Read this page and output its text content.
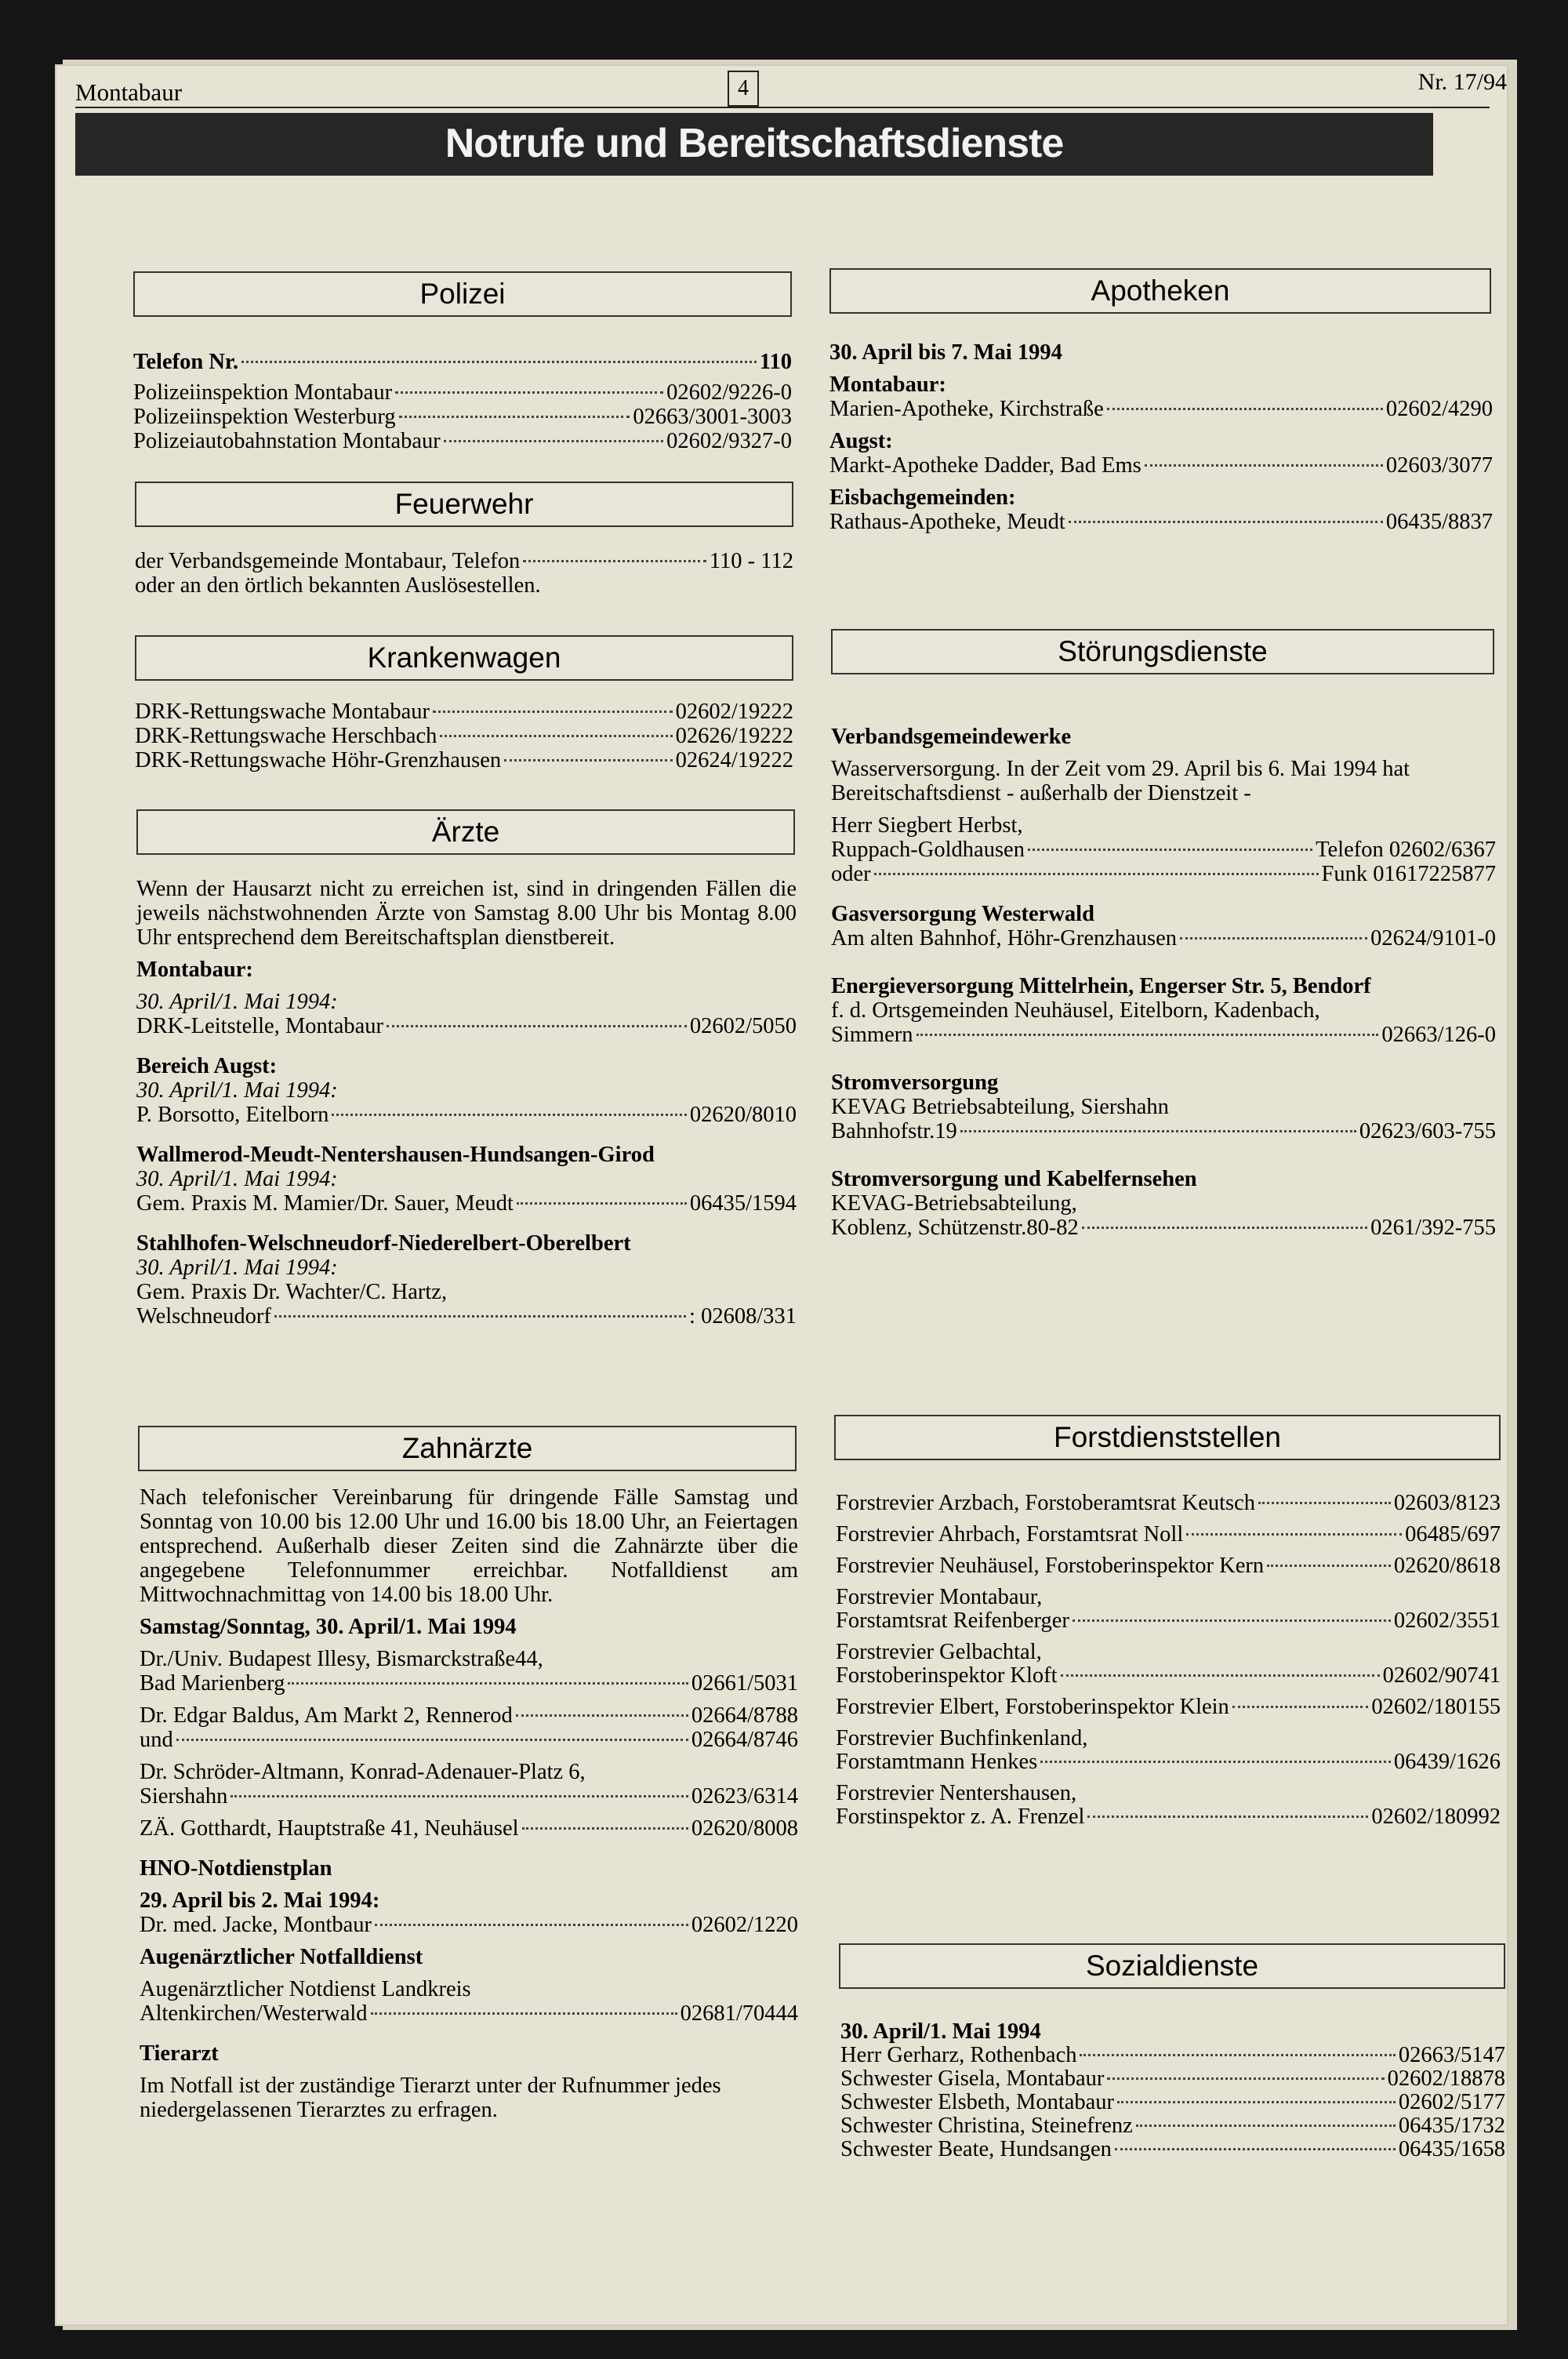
Montabaur	4	Nr. 17/94
Notrufe und Bereitschaftsdienste
Polizei
Telefon Nr.	110
Polizeiinspektion Montabaur	02602/9226-0
Polizeiinspektion Westerburg	02663/3001-3003
Polizeiautobahnstation Montabaur	02602/9327-0
Feuerwehr
der Verbandsgemeinde Montabaur, Telefon	110 - 112
oder an den örtlich bekannten Auslösestellen.
Krankenwagen
DRK-Rettungswache Montabaur	02602/19222
DRK-Rettungswache Herschbach	02626/19222
DRK-Rettungswache Höhr-Grenzhausen	02624/19222
Ärzte
Wenn der Hausarzt nicht zu erreichen ist, sind in dringenden Fällen die jeweils nächstwohnenden Ärzte von Samstag 8.00 Uhr bis Montag 8.00 Uhr entsprechend dem Bereitschaftsplan dienstbereit.
Montabaur:
30. April/1. Mai 1994:
DRK-Leitstelle, Montabaur	02602/5050
Bereich Augst:
30. April/1. Mai 1994:
P. Borsotto, Eitelborn	02620/8010
Wallmerod-Meudt-Nentershausen-Hundsangen-Girod
30. April/1. Mai 1994:
Gem. Praxis M. Mamier/Dr. Sauer, Meudt	06435/1594
Stahlhofen-Welschneudorf-Niederelbert-Oberelbert
30. April/1. Mai 1994:
Gem. Praxis Dr. Wachter/C. Hartz,
Welschneudorf	: 02608/331
Zahnärzte
Nach telefonischer Vereinbarung für dringende Fälle Samstag und Sonntag von 10.00 bis 12.00 Uhr und 16.00 bis 18.00 Uhr, an Feiertagen entsprechend. Außerhalb dieser Zeiten sind die Zahnärzte über die angegebene Telefonnummer erreichbar. Notfalldienst am Mittwochnachmittag von 14.00 bis 18.00 Uhr.
Samstag/Sonntag, 30. April/1. Mai 1994
Dr./Univ. Budapest Illesy, Bismarckstraße44,
Bad Marienberg	02661/5031
Dr. Edgar Baldus, Am Markt 2, Rennerod	02664/8788
und	02664/8746
Dr. Schröder-Altmann, Konrad-Adenauer-Platz 6,
Siershahn	02623/6314
ZÄ. Gotthardt, Hauptstraße 41, Neuhäusel	02620/8008
HNO-Notdienstplan
29. April bis 2. Mai 1994:
Dr. med. Jacke, Montbaur	02602/1220
Augenärztlicher Notfalldienst
Augenärztlicher Notdienst Landkreis
Altenkirchen/Westerwald	02681/70444
Tierarzt
Im Notfall ist der zuständige Tierarzt unter der Rufnummer jedes niedergelassenen Tierarztes zu erfragen.
Apotheken
30. April bis 7. Mai 1994
Montabaur:
Marien-Apotheke, Kirchstraße	02602/4290
Augst:
Markt-Apotheke Dadder, Bad Ems	02603/3077
Eisbachgemeinden:
Rathaus-Apotheke, Meudt	06435/8837
Störungsdienste
Verbandsgemeindewerke
Wasserversorgung. In der Zeit vom 29. April bis 6. Mai 1994 hat Bereitschaftsdienst - außerhalb der Dienstzeit -
Herr Siegbert Herbst,
Ruppach-Goldhausen	Telefon 02602/6367
oder	Funk 01617225877
Gasversorgung Westerwald
Am alten Bahnhof, Höhr-Grenzhausen	02624/9101-0
Energieversorgung Mittelrhein, Engerser Str. 5, Bendorf
f. d. Ortsgemeinden Neuhäusel, Eitelborn, Kadenbach,
Simmern	02663/126-0
Stromversorgung
KEVAG Betriebsabteilung, Siershahn
Bahnhofstr.19	02623/603-755
Stromversorgung und Kabelfernsehen
KEVAG-Betriebsabteilung,
Koblenz, Schützenstr.80-82	0261/392-755
Forstdienststellen
Forstrevier Arzbach, Forstoberamtsrat Keutsch	02603/8123
Forstrevier Ahrbach, Forstamtsrat Noll	06485/697
Forstrevier Neuhäusel, Forstoberinspektor Kern	02620/8618
Forstrevier Montabaur,
Forstamtsrat Reifenberger	02602/3551
Forstrevier Gelbachtal,
Forstoberinspektor Kloft	02602/90741
Forstrevier Elbert, Forstoberinspektor Klein	02602/180155
Forstrevier Buchfinkenland,
Forstamtmann Henkes	06439/1626
Forstrevier Nentershausen,
Forstinspektor z. A. Frenzel	02602/180992
Sozialdienste
30. April/1. Mai 1994
Herr Gerharz, Rothenbach	02663/5147
Schwester Gisela, Montabaur	02602/18878
Schwester Elsbeth, Montabaur	02602/5177
Schwester Christina, Steinefrenz	06435/1732
Schwester Beate, Hundsangen	06435/1658
